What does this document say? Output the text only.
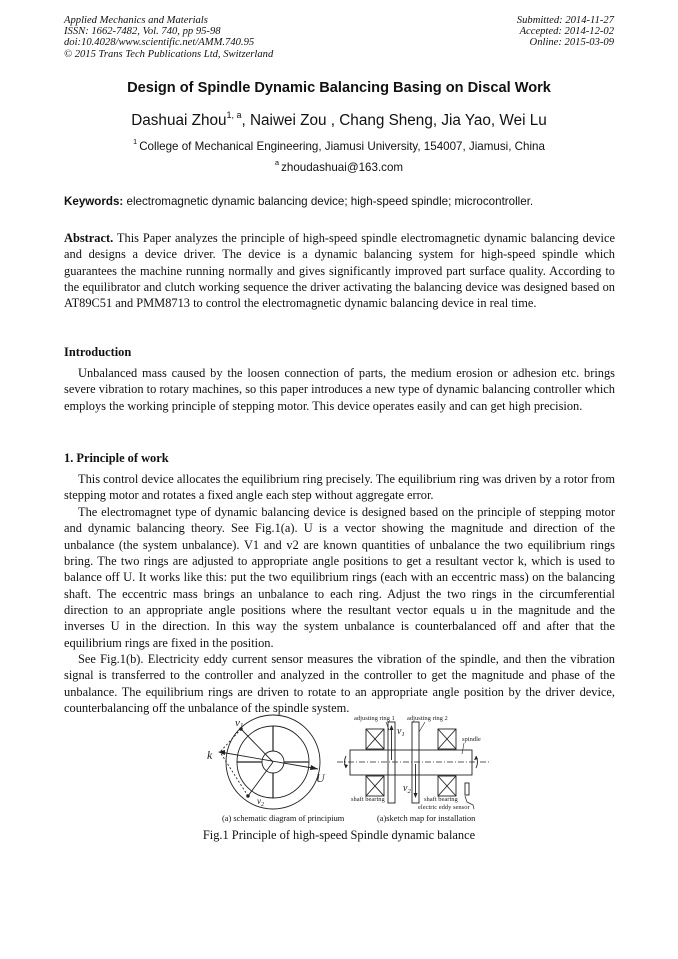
Applied Mechanics and Materials
ISSN: 1662-7482, Vol. 740, pp 95-98
doi:10.4028/www.scientific.net/AMM.740.95
© 2015 Trans Tech Publications Ltd, Switzerland
Submitted: 2014-11-27
Accepted: 2014-12-02
Online: 2015-03-09
Design of Spindle Dynamic Balancing Basing on Discal Work
Dashuai Zhou$^{1, a}$, Naiwei Zou , Chang Sheng, Jia Yao, Wei Lu
$^1$ College of Mechanical Engineering, Jiamusi University, 154007, Jiamusi, China
$^a$ zhoudashuai@163.com
Keywords: electromagnetic dynamic balancing device; high-speed spindle; microcontroller.
Abstract. This Paper analyzes the principle of high-speed spindle electromagnetic dynamic balancing device and designs a device driver. The device is a dynamic balancing system for high-speed spindle which guarantees the machine running normally and gives significantly improved part surface quality. According to the equilibrator and clutch working sequence the driver activating the balancing device was designed based on AT89C51 and PMM8713 to control the electromagnetic dynamic balancing device in real time.
Introduction
Unbalanced mass caused by the loosen connection of parts, the medium erosion or adhesion etc. brings severe vibration to rotary machines, so this paper introduces a new type of dynamic balancing controller which employs the working principle of stepping motor. This device operates easily and can get high precision.
1. Principle of work
This control device allocates the equilibrium ring precisely. The equilibrium ring was driven by a rotor from stepping motor and rotates a fixed angle each step without aggregate error.
The electromagnet type of dynamic balancing device is designed based on the principle of stepping motor and dynamic balancing theory. See Fig.1(a). U is a vector showing the magnitude and direction of the unbalance (the system unbalance). V1 and v2 are known quantities of unbalance the two equilibrium rings bring. The two rings are adjusted to appropriate angle positions to get a resultant vector k, which is used to balance off U. It works like this: put the two equilibrium rings (each with an eccentric mass) on the balancing shaft. The eccentric mass brings an unbalance to each ring. Adjust the two rings in the circumferential direction to an appropriate angle positions where the resultant vector equals u in the magnitude and the inverses U in the direction. In this way the system unbalance is counterbalanced off and after that the equilibrium rings are fixed in the position.
See Fig.1(b). Electricity eddy current sensor measures the vibration of the spindle, and then the vibration signal is transferred to the controller and analyzed in the controller to get the magnitude and phase of the unbalance. The equilibrium rings are driven to rotate to an appropriate angle position by the driver device, counterbalancing off the unbalance of the spindle system.
v1
k
U
$v_2$
adjusting ring 1 adjusting ring 2
$v_1$
spindle
$v_2$
shaft bearing	shaft bearing
electric eddy sensor
(a) schematic diagram of principium	(a)sketch map for installation
Fig.1 Principle of high-speed Spindle dynamic balance
